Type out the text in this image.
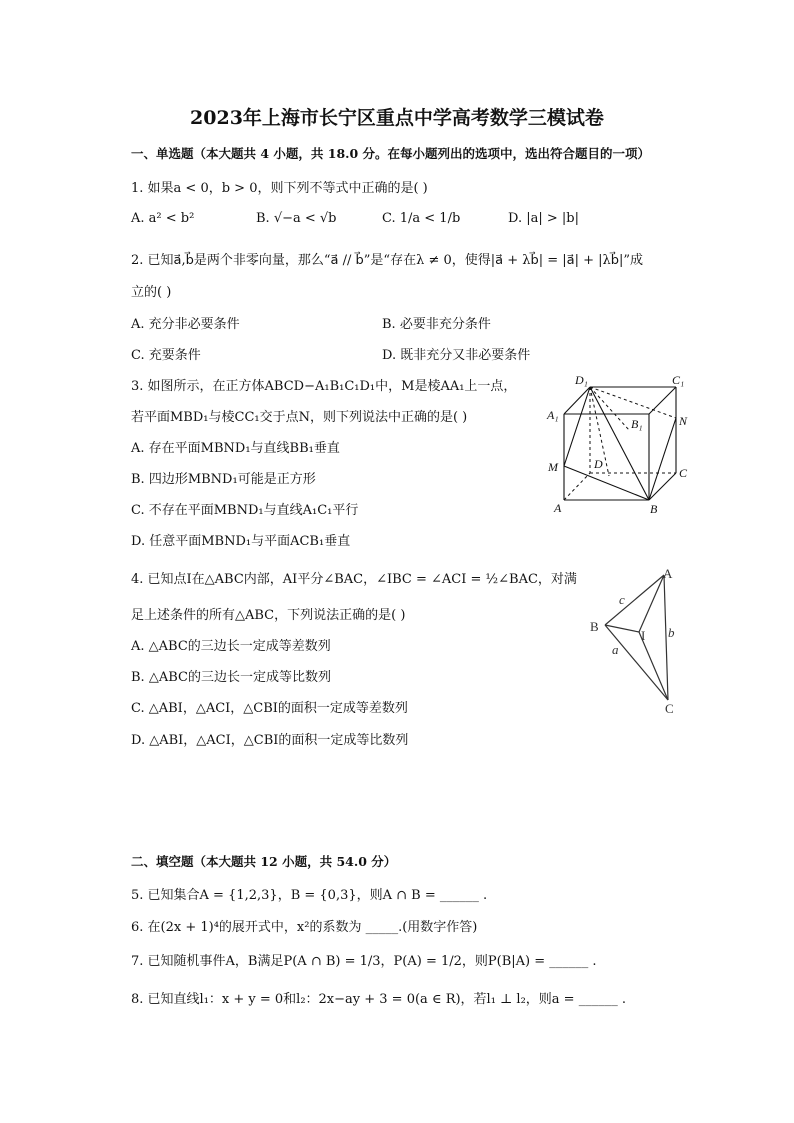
2023年上海市长宁区重点中学高考数学三模试卷
一、单选题（本大题共 4 小题，共 18.0 分。在每小题列出的选项中，选出符合题目的一项）
1. 如果a < 0，b > 0，则下列不等式中正确的是( )
A. a² < b²	B. √−a < √b	C. 1/a < 1/b	D. |a| > |b|
2. 已知a⃗,b⃗是两个非零向量，那么“a⃗ // b⃗”是“存在λ ≠ 0，使得|a⃗ + λb⃗| = |a⃗| + |λb⃗|”成
立的( )
A. 充分非必要条件	B. 必要非充分条件
C. 充要条件	D. 既非充分又非必要条件
3. 如图所示，在正方体ABCD−A₁B₁C₁D₁中，M是棱AA₁上一点，
若平面MBD₁与棱CC₁交于点N，则下列说法中正确的是( )
A. 存在平面MBND₁与直线BB₁垂直
B. 四边形MBND₁可能是正方形
C. 不存在平面MBND₁与直线A₁C₁平行
D. 任意平面MBND₁与平面ACB₁垂直
D₁	C₁
A₁
B₁	N
M	D
C
A	B
4. 已知点I在△ABC内部，AI平分∠BAC，∠IBC = ∠ACI = ½∠BAC，对满
足上述条件的所有△ABC，下列说法正确的是( )
A. △ABC的三边长一定成等差数列
B. △ABC的三边长一定成等比数列
C. △ABI，△ACI，△CBI的面积一定成等差数列
D. △ABI，△ACI，△CBI的面积一定成等比数列
A
B
C
I
a
b
c
二、填空题（本大题共 12 小题，共 54.0 分）
5. 已知集合A = {1,2,3}，B = {0,3}，则A ∩ B = ______ .
6. 在(2x + 1)⁴的展开式中，x²的系数为 _____.(用数字作答)
7. 已知随机事件A，B满足P(A ∩ B) = 1/3，P(A) = 1/2，则P(B|A) = ______ .
8. 已知直线l₁：x + y = 0和l₂：2x−ay + 3 = 0(a ∈ R)，若l₁ ⊥ l₂，则a = ______ .
